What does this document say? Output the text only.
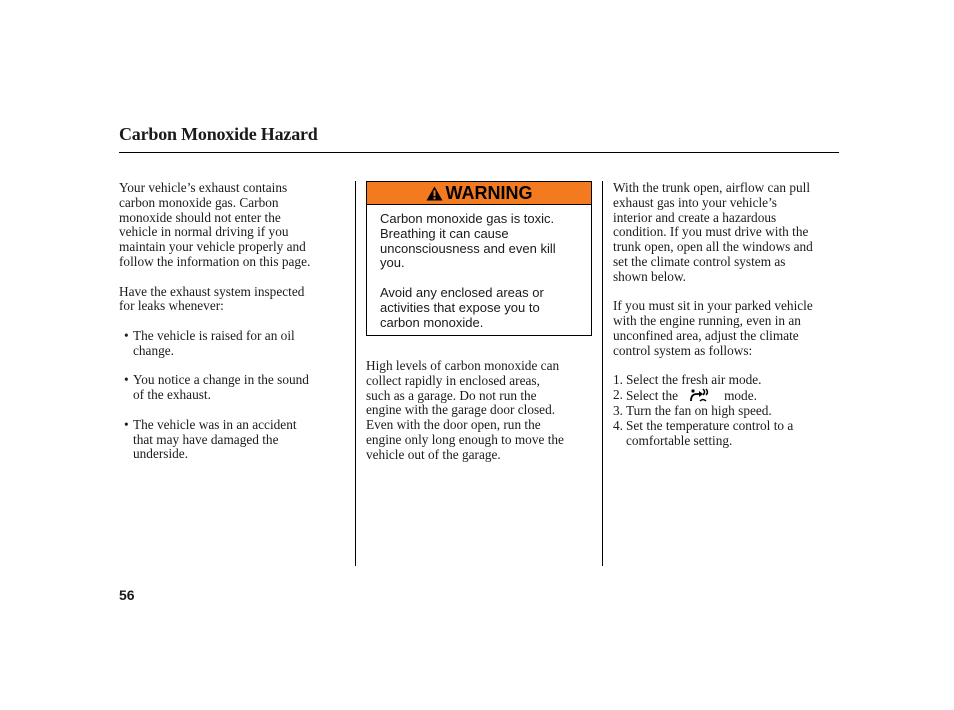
Carbon Monoxide Hazard

Your vehicle’s exhaust contains
carbon monoxide gas. Carbon
monoxide should not enter the
vehicle in normal driving if you
maintain your vehicle properly and
follow the information on this page.

Have the exhaust system inspected
for leaks whenever:

• The vehicle is raised for an oil
change.

• You notice a change in the sound
of the exhaust.

• The vehicle was in an accident
that may have damaged the
underside.

WARNING

Carbon monoxide gas is toxic.
Breathing it can cause
unconsciousness and even kill
you.

Avoid any enclosed areas or
activities that expose you to
carbon monoxide.

High levels of carbon monoxide can
collect rapidly in enclosed areas,
such as a garage. Do not run the
engine with the garage door closed.
Even with the door open, run the
engine only long enough to move the
vehicle out of the garage.

With the trunk open, airflow can pull
exhaust gas into your vehicle’s
interior and create a hazardous
condition. If you must drive with the
trunk open, open all the windows and
set the climate control system as
shown below.

If you must sit in your parked vehicle
with the engine running, even in an
unconfined area, adjust the climate
control system as follows:

1. Select the fresh air mode.

2. Select the	mode.

3. Turn the fan on high speed.

4. Set the temperature control to a
comfortable setting.

56
